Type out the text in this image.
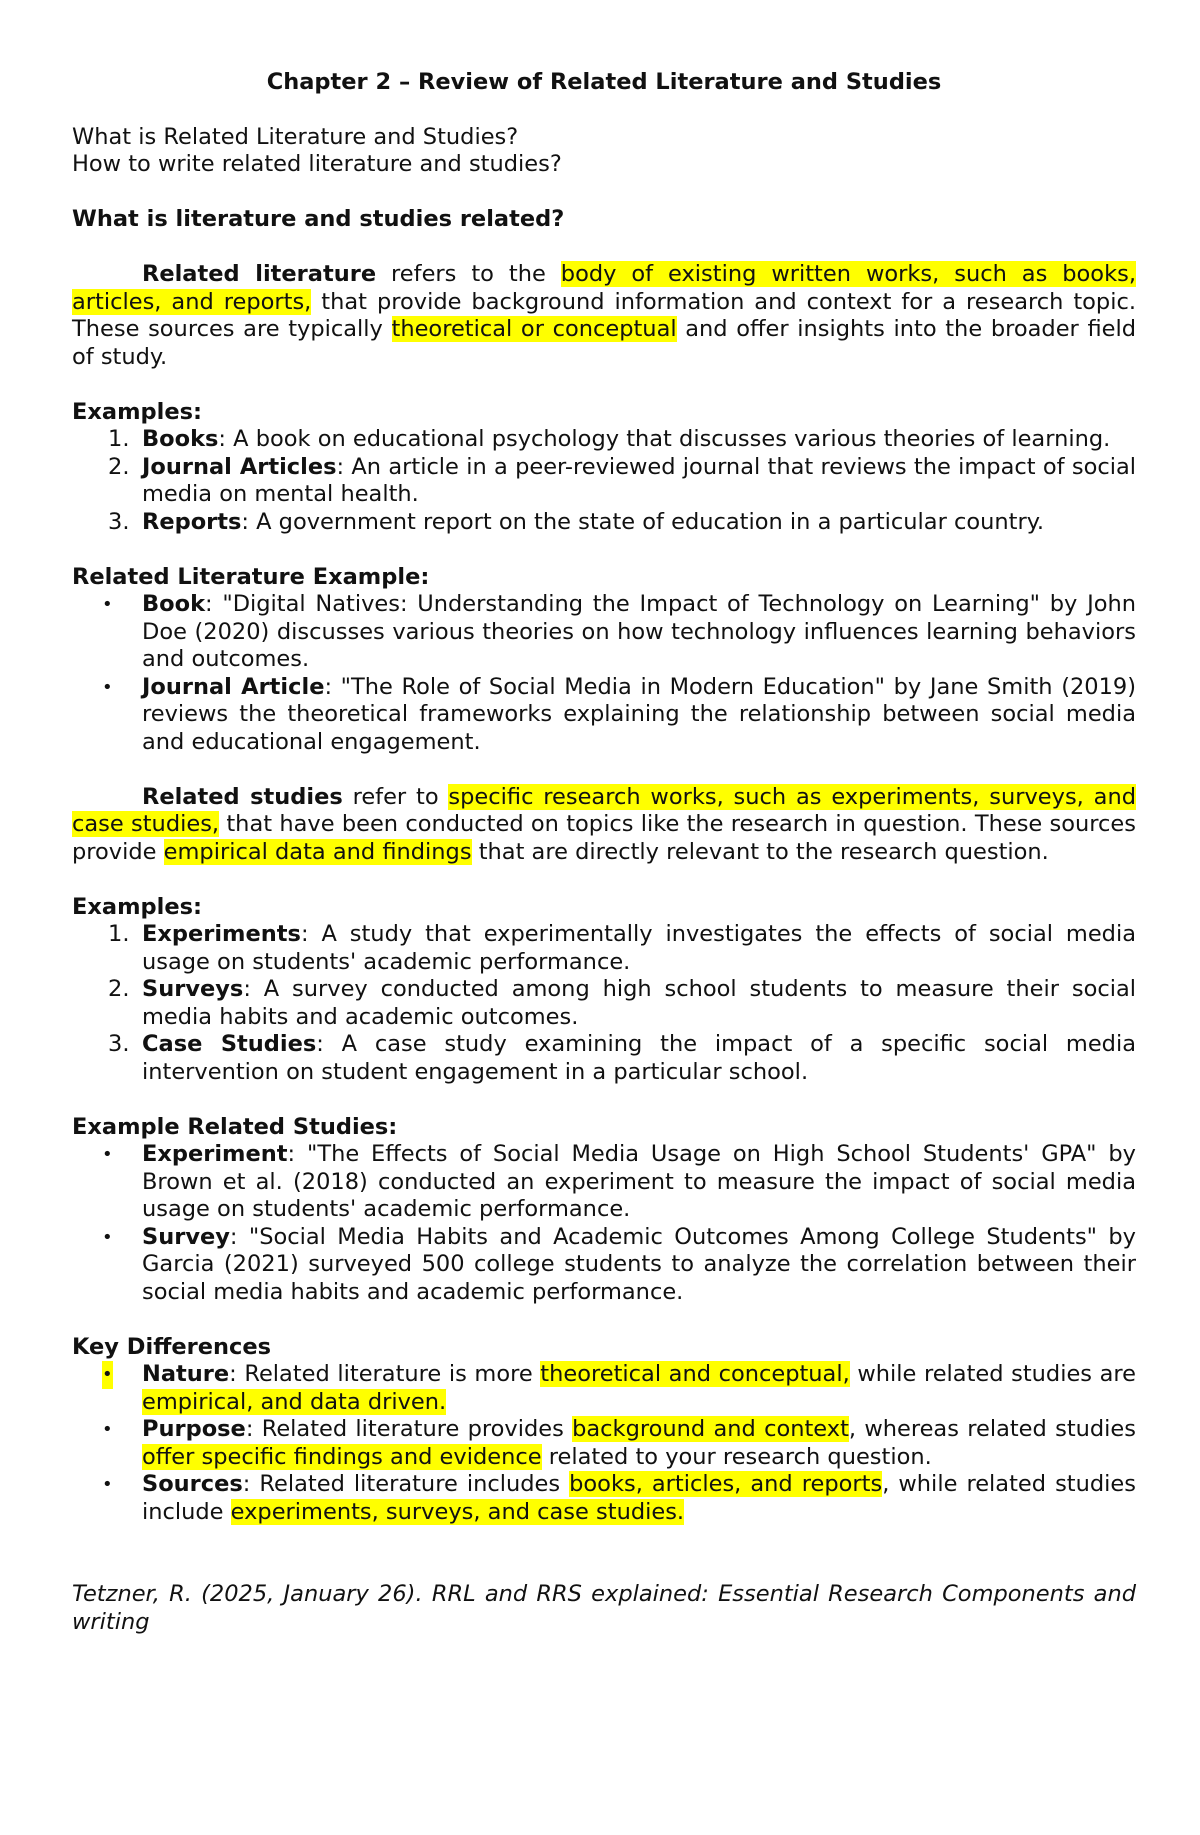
Chapter 2 – Review of Related Literature and Studies

What is Related Literature and Studies?

How to write related literature and studies?

What is literature and studies related?

Related literature refers to the body of existing written works, such as books, articles, and reports, that provide background information and context for a research topic. These sources are typically theoretical or conceptual and offer insights into the broader field of study.

Examples:

1. Books: A book on educational psychology that discusses various theories of learning.
2. Journal Articles: An article in a peer-reviewed journal that reviews the impact of social media on mental health.
3. Reports: A government report on the state of education in a particular country.

Related Literature Example:

• Book: "Digital Natives: Understanding the Impact of Technology on Learning" by John Doe (2020) discusses various theories on how technology influences learning behaviors and outcomes.
• Journal Article: "The Role of Social Media in Modern Education" by Jane Smith (2019) reviews the theoretical frameworks explaining the relationship between social media and educational engagement.

Related studies refer to specific research works, such as experiments, surveys, and case studies, that have been conducted on topics like the research in question. These sources provide empirical data and findings that are directly relevant to the research question.

Examples:

1. Experiments: A study that experimentally investigates the effects of social media usage on students' academic performance.
2. Surveys: A survey conducted among high school students to measure their social media habits and academic outcomes.
3. Case Studies: A case study examining the impact of a specific social media intervention on student engagement in a particular school.

Example Related Studies:

• Experiment: "The Effects of Social Media Usage on High School Students' GPA" by Brown et al. (2018) conducted an experiment to measure the impact of social media usage on students' academic performance.
• Survey: "Social Media Habits and Academic Outcomes Among College Students" by Garcia (2021) surveyed 500 college students to analyze the correlation between their social media habits and academic performance.

Key Differences

• Nature: Related literature is more theoretical and conceptual, while related studies are empirical, and data driven.
• Purpose: Related literature provides background and context, whereas related studies offer specific findings and evidence related to your research question.
• Sources: Related literature includes books, articles, and reports, while related studies include experiments, surveys, and case studies.

Tetzner, R. (2025, January 26). RRL and RRS explained: Essential Research Components and writing
